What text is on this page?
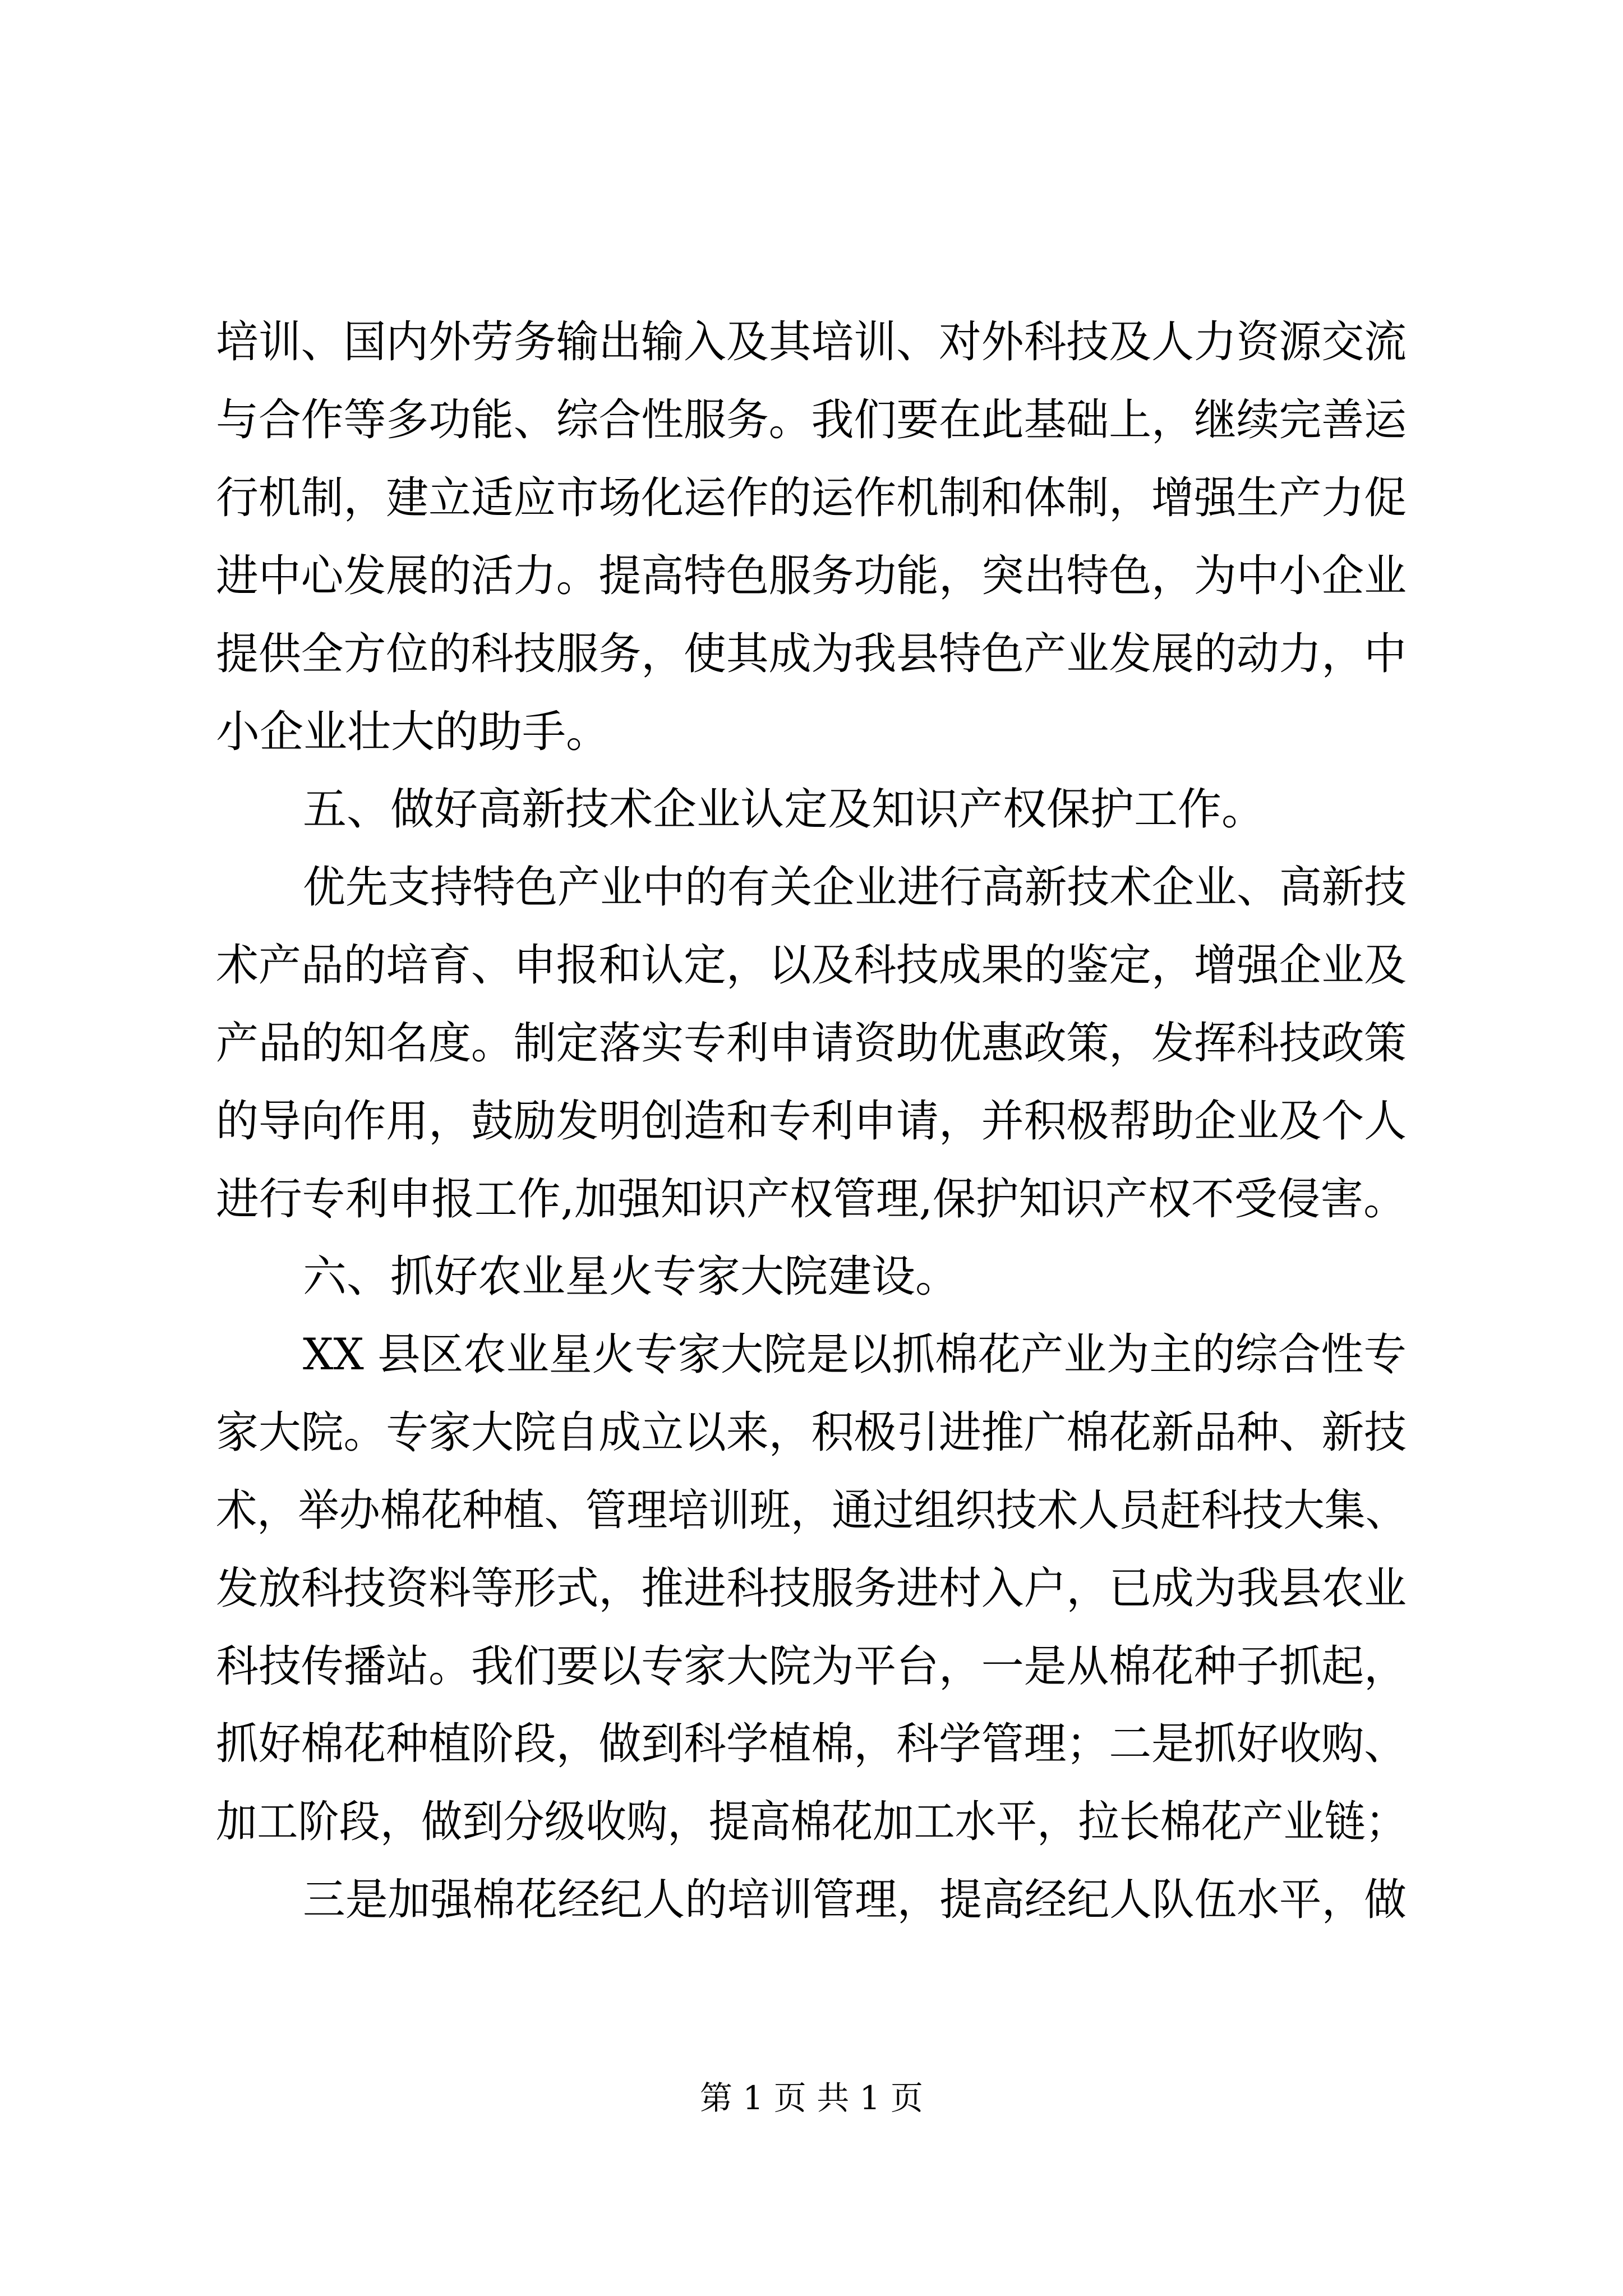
培训、国内外劳务输出输入及其培训、对外科技及人力资源交流
与合作等多功能、综合性服务。我们要在此基础上，继续完善运
行机制，建立适应市场化运作的运作机制和体制，增强生产力促
进中心发展的活力。提高特色服务功能，突出特色，为中小企业
提供全方位的科技服务，使其成为我县特色产业发展的动力，中
小企业壮大的助手。
五、做好高新技术企业认定及知识产权保护工作。
优先支持特色产业中的有关企业进行高新技术企业、高新技
术产品的培育、申报和认定，以及科技成果的鉴定，增强企业及
产品的知名度。制定落实专利申请资助优惠政策，发挥科技政策
的导向作用，鼓励发明创造和专利申请，并积极帮助企业及个人
进行专利申报工作,加强知识产权管理,保护知识产权不受侵害。
六、抓好农业星火专家大院建设。
XX 县区农业星火专家大院是以抓棉花产业为主的综合性专
家大院。专家大院自成立以来，积极引进推广棉花新品种、新技
术，举办棉花种植、管理培训班，通过组织技术人员赶科技大集、
发放科技资料等形式，推进科技服务进村入户，已成为我县农业
科技传播站。我们要以专家大院为平台，一是从棉花种子抓起，
抓好棉花种植阶段，做到科学植棉，科学管理；二是抓好收购、
加工阶段，做到分级收购，提高棉花加工水平，拉长棉花产业链；
三是加强棉花经纪人的培训管理，提高经纪人队伍水平，做
第 1 页 共 1 页
